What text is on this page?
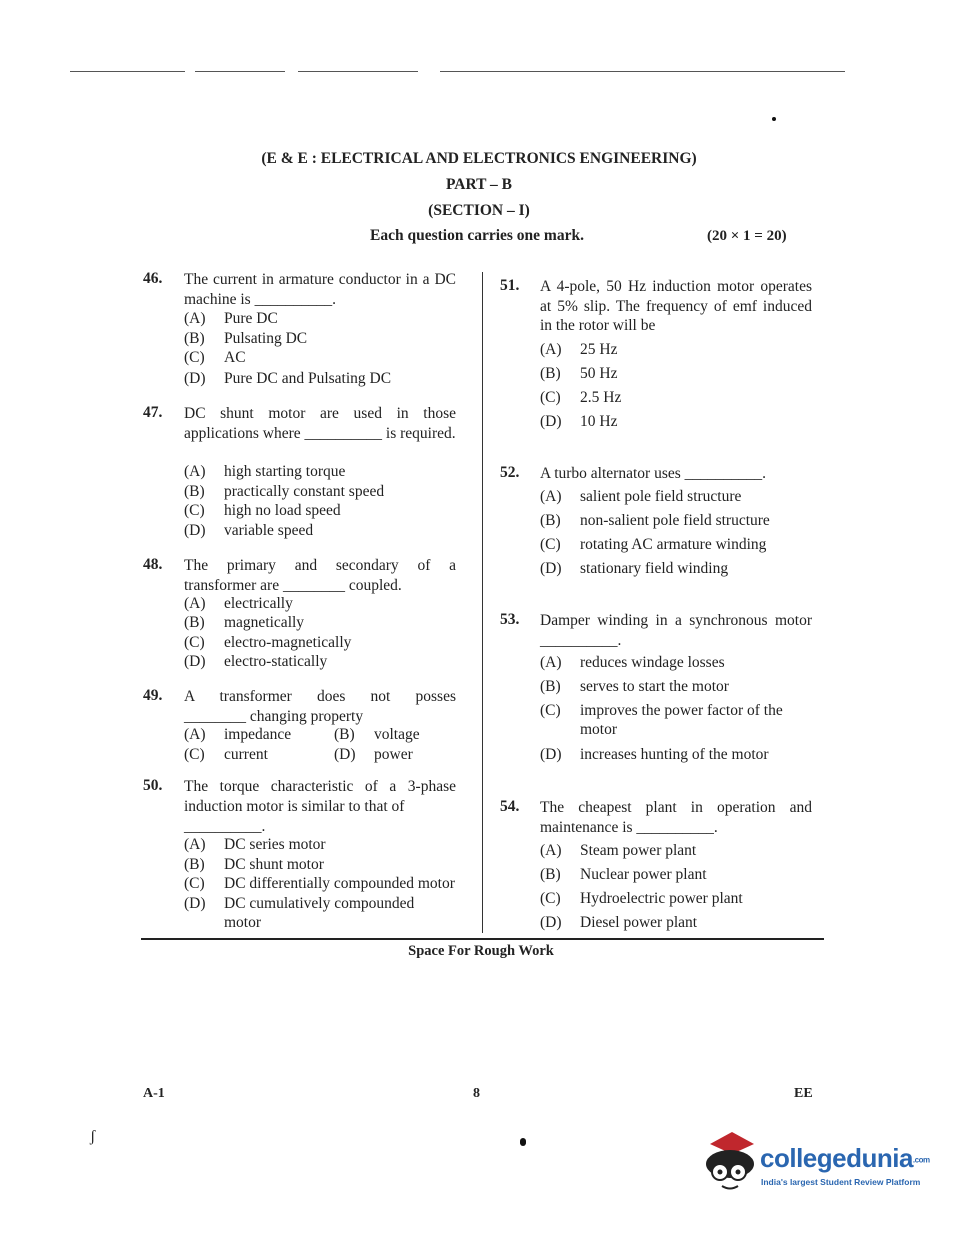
(E & E : ELECTRICAL AND ELECTRONICS ENGINEERING)
PART – B
(SECTION – I)
Each question carries one mark.	(20 × 1 = 20)
46. The current in armature conductor in a DC machine is __________.
(A) Pure DC
(B) Pulsating DC
(C) AC
(D) Pure DC and Pulsating DC
47. DC shunt motor are used in those applications where __________ is required.
(A) high starting torque
(B) practically constant speed
(C) high no load speed
(D) variable speed
48. The primary and secondary of a transformer are ________ coupled.
(A) electrically
(B) magnetically
(C) electro-magnetically
(D) electro-statically
49. A transformer does not posses
________ changing property
(A) impedance	(B) voltage
(C) current	(D) power
50. The torque characteristic of a 3-phase induction motor is similar to that of
__________.
(A) DC series motor
(B) DC shunt motor
(C) DC differentially compounded motor
(D) DC cumulatively compounded
motor
51. A 4-pole, 50 Hz induction motor operates at 5% slip. The frequency of emf induced in the rotor will be
(A) 25 Hz
(B) 50 Hz
(C) 2.5 Hz
(D) 10 Hz
52. A turbo alternator uses __________.
(A) salient pole field structure
(B) non-salient pole field structure
(C) rotating AC armature winding
(D) stationary field winding
53. Damper winding in a synchronous motor __________.
(A) reduces windage losses
(B) serves to start the motor
(C) improves the power factor of the
motor
(D) increases hunting of the motor
54. The cheapest plant in operation and maintenance is __________.
(A) Steam power plant
(B) Nuclear power plant
(C) Hydroelectric power plant
(D) Diesel power plant
Space For Rough Work
A-1	8	EE
ʃ
collegedunia.com
India's largest Student Review Platform
